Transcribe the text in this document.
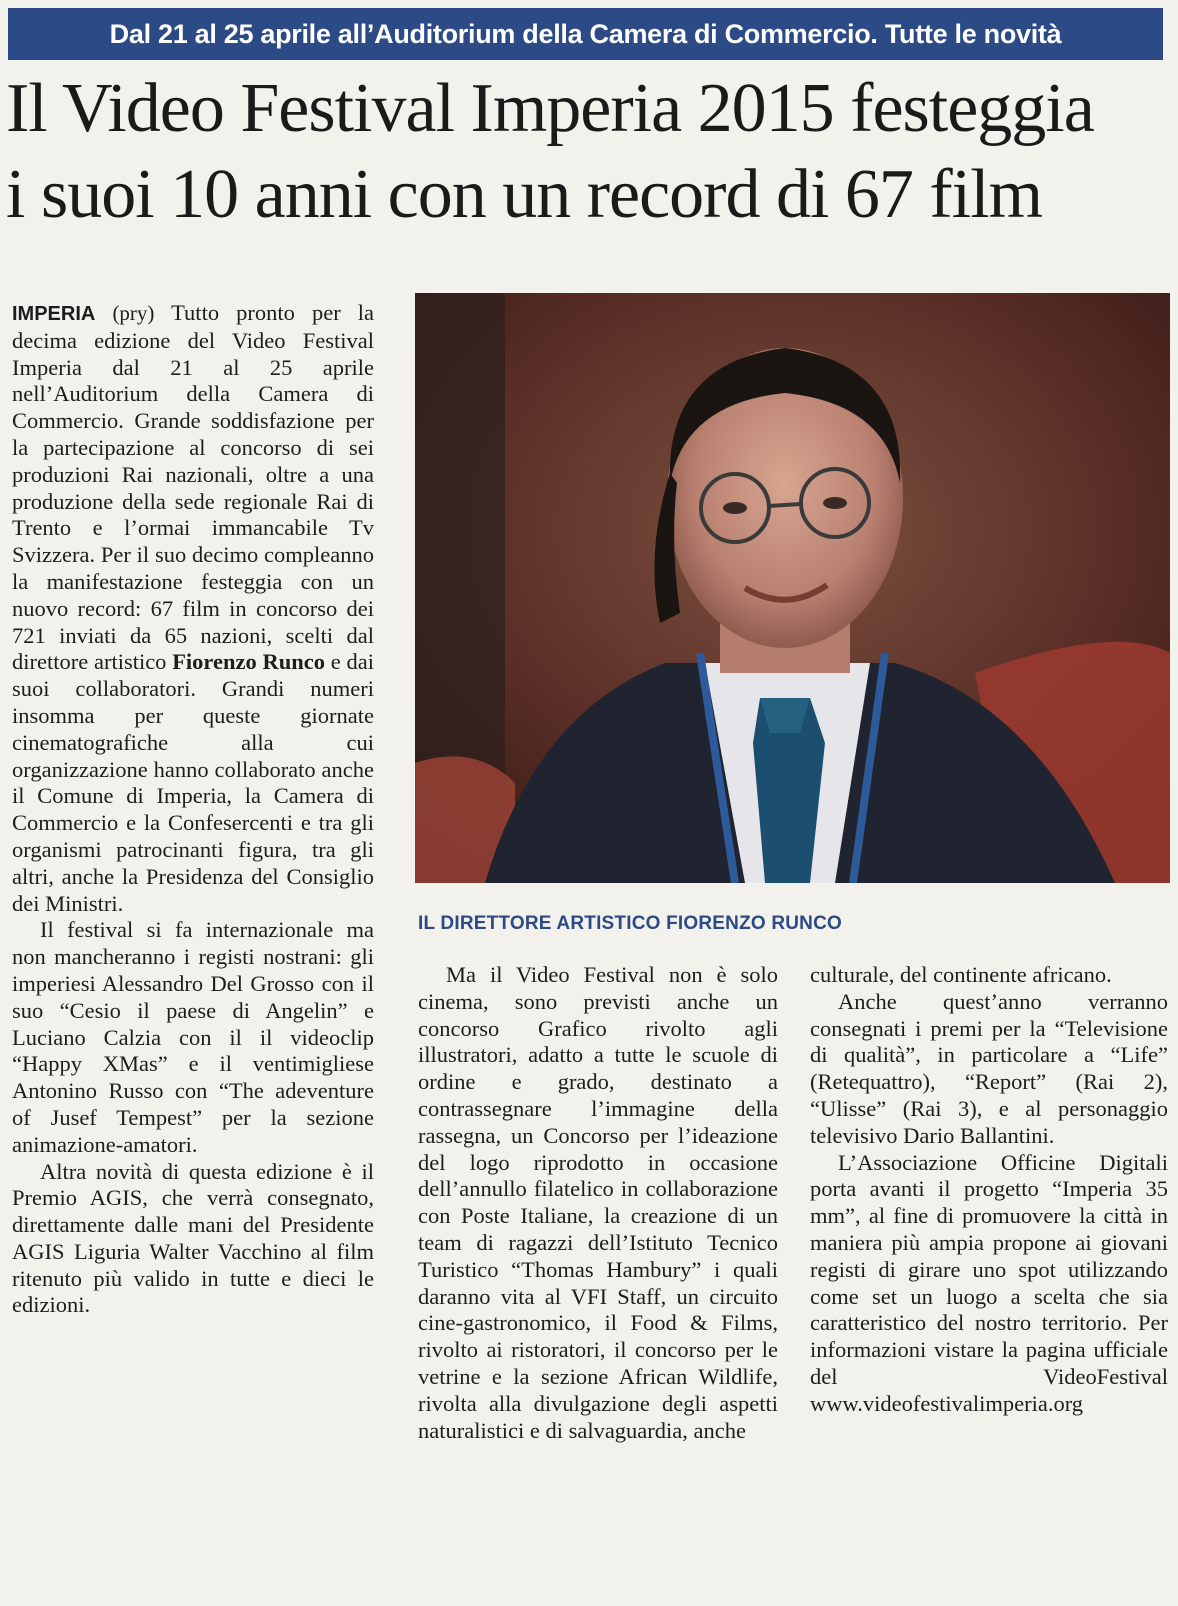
Dal 21 al 25 aprile all’Auditorium della Camera di Commercio. Tutte le novità
Il Video Festival Imperia 2015 festeggia
i suoi 10 anni con un record di 67 film

IMPERIA (pry) Tutto pronto per la decima edizione del Video Festival Imperia dal 21 al 25 aprile nell’Auditorium della Camera di Commercio. Grande soddisfazione per la partecipazione al concorso di sei produzioni Rai nazionali, oltre a una produzione della sede regionale Rai di Trento e l’ormai immancabile Tv Svizzera. Per il suo decimo compleanno la manifestazione festeggia con un nuovo record: 67 film in concorso dei 721 inviati da 65 nazioni, scelti dal direttore artistico Fiorenzo Runco e dai suoi collaboratori. Grandi numeri insomma per queste giornate cinematografiche alla cui organizzazione hanno collaborato anche il Comune di Imperia, la Camera di Commercio e la Confesercenti e tra gli organismi patrocinanti figura, tra gli altri, anche la Presidenza del Consiglio dei Ministri.

Il festival si fa internazionale ma non mancheranno i registi nostrani: gli imperiesi Alessandro Del Grosso con il suo “Cesio il paese di Angelin” e Luciano Calzia con il il videoclip “Happy XMas” e il ventimigliese Antonino Russo con “The adeventure of Jusef Tempest” per la sezione animazione-amatori.

Altra novità di questa edizione è il Premio AGIS, che verrà consegnato, direttamente dalle mani del Presidente AGIS Liguria Walter Vacchino al film ritenuto più valido in tutte e dieci le edizioni.

IL DIRETTORE ARTISTICO FIORENZO RUNCO

Ma il Video Festival non è solo cinema, sono previsti anche un concorso Grafico rivolto agli illustratori, adatto a tutte le scuole di ordine e grado, destinato a contrassegnare l’immagine della rassegna, un Concorso per l’ideazione del logo riprodotto in occasione dell’annullo filatelico in collaborazione con Poste Italiane, la creazione di un team di ragazzi dell’Istituto Tecnico Turistico “Thomas Hambury” i quali daranno vita al VFI Staff, un circuito cine-gastronomico, il Food & Films, rivolto ai ristoratori, il concorso per le vetrine e la sezione African Wildlife, rivolta alla divulgazione degli aspetti naturalistici e di salvaguardia, anche

culturale, del continente africano.

Anche quest’anno verranno consegnati i premi per la “Televisione di qualità”, in particolare a “Life” (Retequattro), “Report” (Rai 2), “Ulisse” (Rai 3), e al personaggio televisivo Dario Ballantini.

L’Associazione Officine Digitali porta avanti il progetto “Imperia 35 mm”, al fine di promuovere la città in maniera più ampia propone ai giovani registi di girare uno spot utilizzando come set un luogo a scelta che sia caratteristico del nostro territorio. Per informazioni vistare la pagina ufficiale del VideoFestival www.videofestivalimperia.org
